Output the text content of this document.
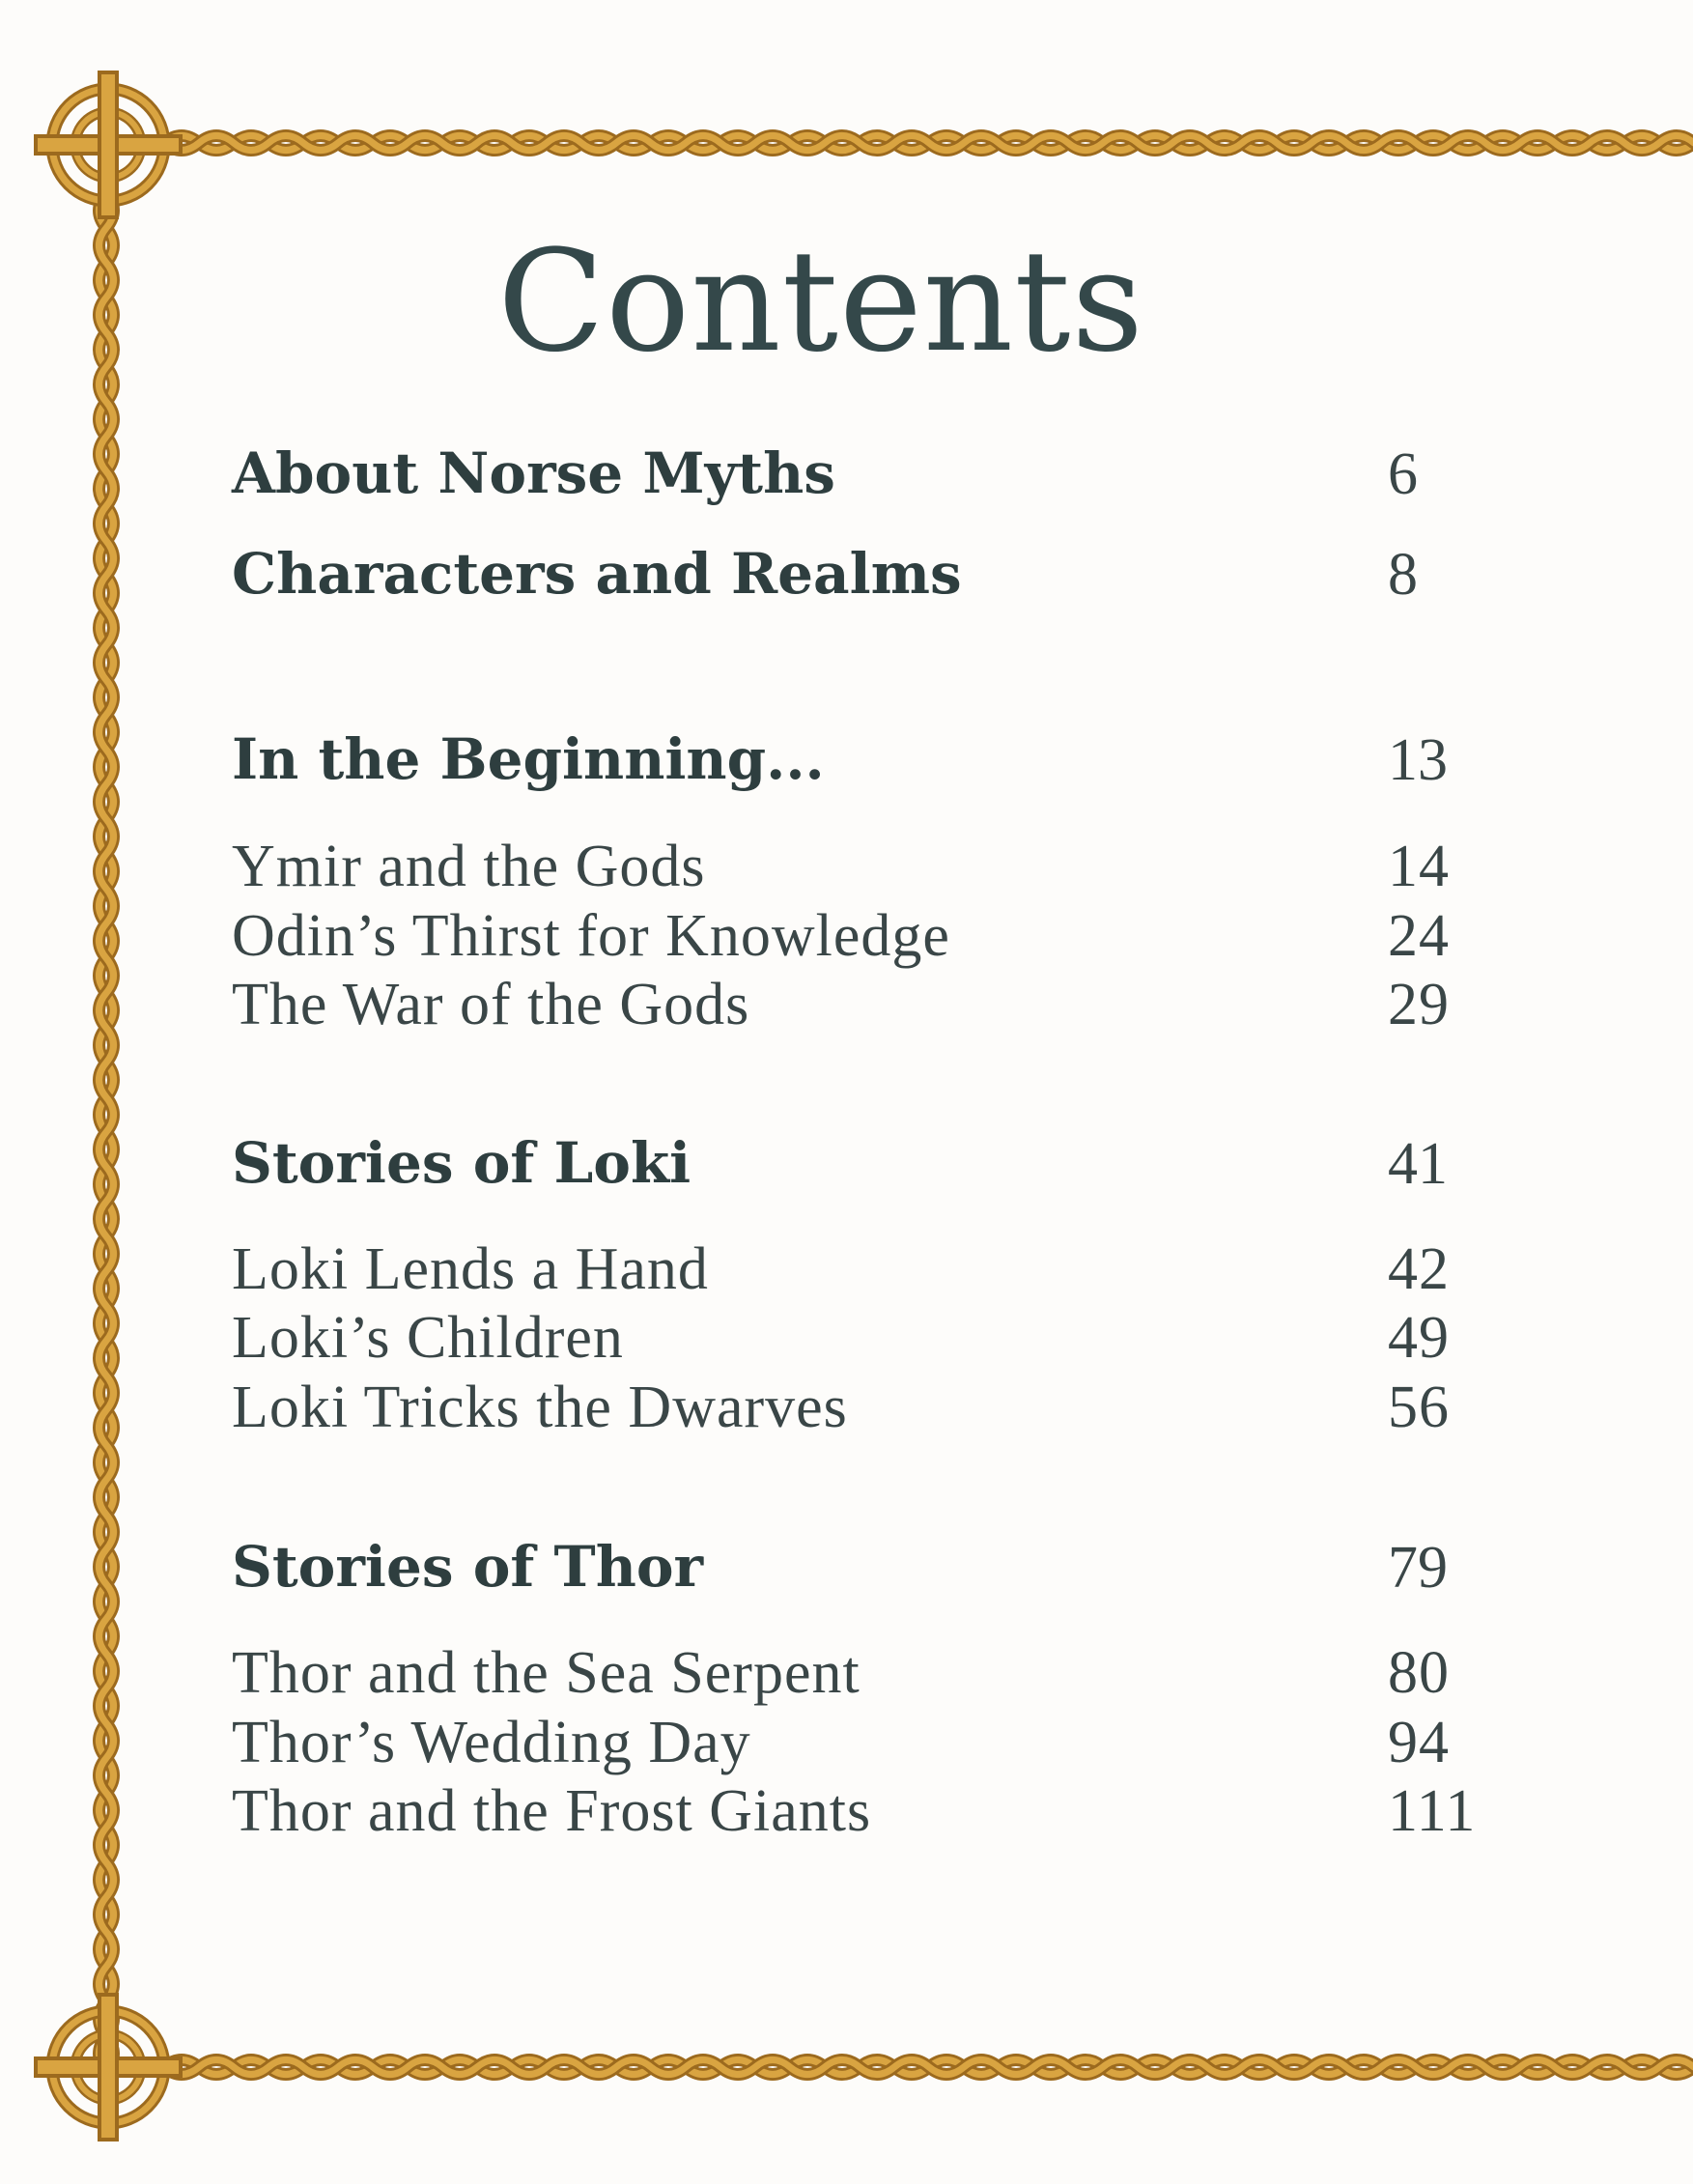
Contents
About Norse Myths	6
Characters and Realms	8
In the Beginning...	13
Ymir and the Gods	14
Odin’s Thirst for Knowledge	24
The War of the Gods	29
Stories of Loki	41
Loki Lends a Hand	42
Loki’s Children	49
Loki Tricks the Dwarves	56
Stories of Thor	79
Thor and the Sea Serpent	80
Thor’s Wedding Day	94
Thor and the Frost Giants	111
